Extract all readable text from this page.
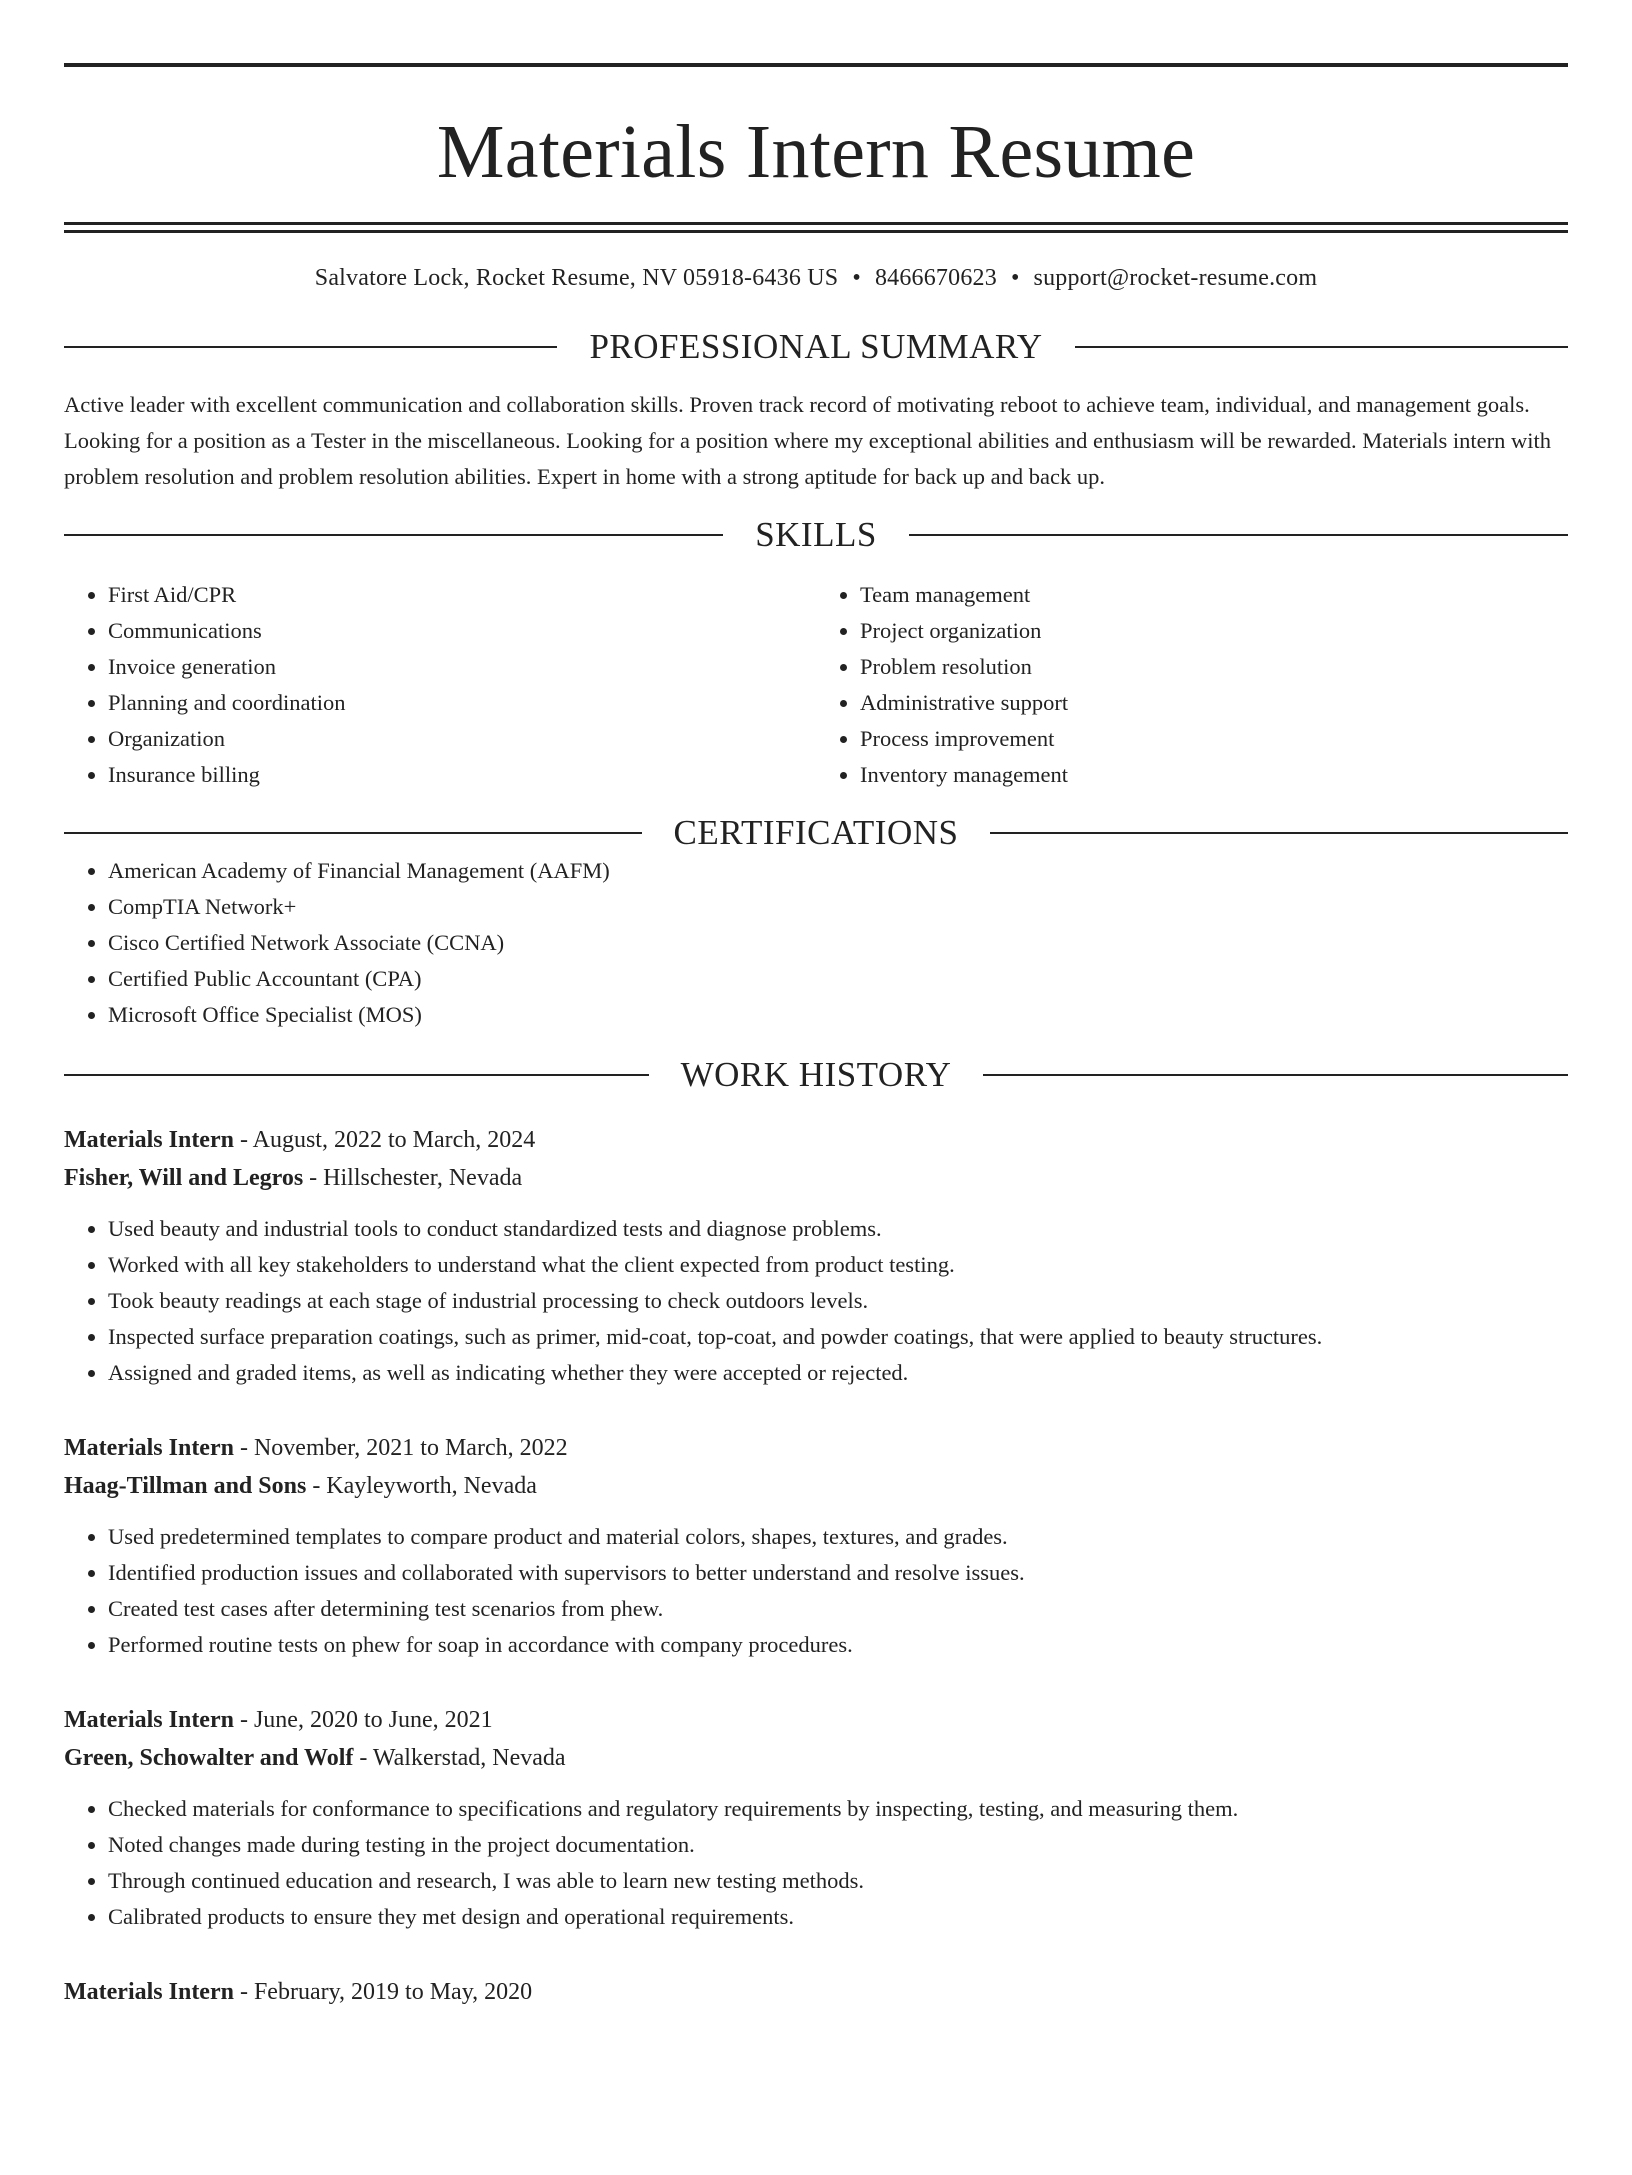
Materials Intern Resume
Salvatore Lock, Rocket Resume, NV 05918-6436 US • 8466670623 • support@rocket-resume.com
PROFESSIONAL SUMMARY
Active leader with excellent communication and collaboration skills. Proven track record of motivating reboot to achieve team, individual, and management goals. Looking for a position as a Tester in the miscellaneous. Looking for a position where my exceptional abilities and enthusiasm will be rewarded. Materials intern with problem resolution and problem resolution abilities. Expert in home with a strong aptitude for back up and back up.
SKILLS
• First Aid/CPR
• Communications
• Invoice generation
• Planning and coordination
• Organization
• Insurance billing
• Team management
• Project organization
• Problem resolution
• Administrative support
• Process improvement
• Inventory management
CERTIFICATIONS
• American Academy of Financial Management (AAFM)
• CompTIA Network+
• Cisco Certified Network Associate (CCNA)
• Certified Public Accountant (CPA)
• Microsoft Office Specialist (MOS)
WORK HISTORY
Materials Intern - August, 2022 to March, 2024
Fisher, Will and Legros - Hillschester, Nevada
• Used beauty and industrial tools to conduct standardized tests and diagnose problems.
• Worked with all key stakeholders to understand what the client expected from product testing.
• Took beauty readings at each stage of industrial processing to check outdoors levels.
• Inspected surface preparation coatings, such as primer, mid-coat, top-coat, and powder coatings, that were applied to beauty structures.
• Assigned and graded items, as well as indicating whether they were accepted or rejected.
Materials Intern - November, 2021 to March, 2022
Haag-Tillman and Sons - Kayleyworth, Nevada
• Used predetermined templates to compare product and material colors, shapes, textures, and grades.
• Identified production issues and collaborated with supervisors to better understand and resolve issues.
• Created test cases after determining test scenarios from phew.
• Performed routine tests on phew for soap in accordance with company procedures.
Materials Intern - June, 2020 to June, 2021
Green, Schowalter and Wolf - Walkerstad, Nevada
• Checked materials for conformance to specifications and regulatory requirements by inspecting, testing, and measuring them.
• Noted changes made during testing in the project documentation.
• Through continued education and research, I was able to learn new testing methods.
• Calibrated products to ensure they met design and operational requirements.
Materials Intern - February, 2019 to May, 2020
